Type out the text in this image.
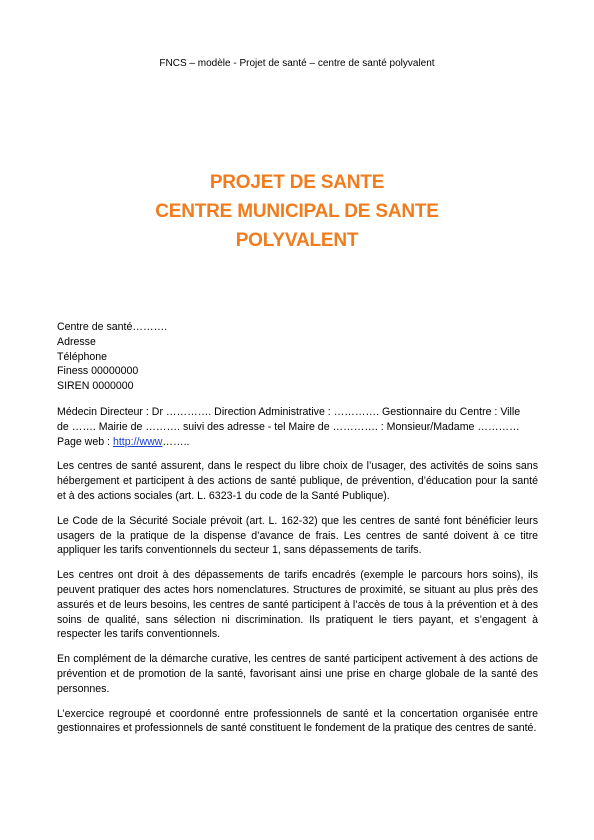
FNCS – modèle - Projet de santé – centre de santé polyvalent
PROJET DE SANTE
CENTRE MUNICIPAL DE SANTE
POLYVALENT
Centre de santé……….
Adresse
Téléphone
Finess 00000000
SIREN 0000000
Médecin Directeur : Dr …………. Direction Administrative : …………. Gestionnaire du Centre : Ville
de ……. Mairie de ………. suivi des adresse - tel Maire de …………. : Monsieur/Madame …………
Page web : http://www……..

Les centres de santé assurent, dans le respect du libre choix de l’usager, des activités de soins sans hébergement et participent à des actions de santé publique, de prévention, d’éducation pour la santé et à des actions sociales (art. L. 6323-1 du code de la Santé Publique).

Le Code de la Sécurité Sociale prévoit (art. L. 162-32) que les centres de santé font bénéficier leurs usagers de la pratique de la dispense d’avance de frais. Les centres de santé doivent à ce titre appliquer les tarifs conventionnels du secteur 1, sans dépassements de tarifs.

Les centres ont droit à des dépassements de tarifs encadrés (exemple le parcours hors soins), ils peuvent pratiquer des actes hors nomenclatures. Structures de proximité, se situant au plus près des assurés et de leurs besoins, les centres de santé participent à l’accès de tous à la prévention et à des soins de qualité, sans sélection ni discrimination. Ils pratiquent le tiers payant, et s’engagent à respecter les tarifs conventionnels.

En complément de la démarche curative, les centres de santé participent activement à des actions de prévention et de promotion de la santé, favorisant ainsi une prise en charge globale de la santé des personnes.

L’exercice regroupé et coordonné entre professionnels de santé et la concertation organisée entre gestionnaires et professionnels de santé constituent le fondement de la pratique des centres de santé.
